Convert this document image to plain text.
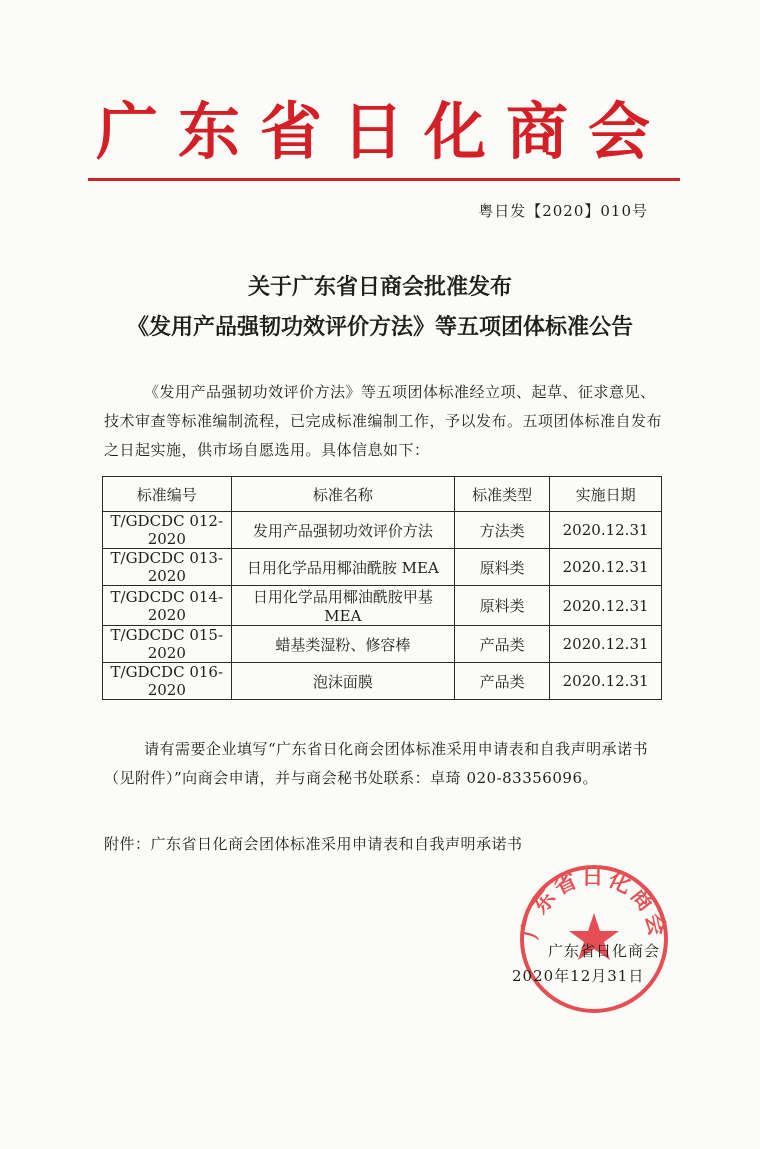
广东省日化商会
粤日发【2020】010号
关于广东省日商会批准发布
《发用产品强韧功效评价方法》等五项团体标准公告
《发用产品强韧功效评价方法》等五项团体标准经立项、起草、征求意见、技术审查等标准编制流程，已完成标准编制工作，予以发布。五项团体标准自发布之日起实施，供市场自愿选用。具体信息如下：
标准编号	标准名称	标准类型	实施日期
T/GDCDC 012-2020	发用产品强韧功效评价方法	方法类	2020.12.31
T/GDCDC 013-2020	日用化学品用椰油酰胺 MEA	原料类	2020.12.31
T/GDCDC 014-2020	日用化学品用椰油酰胺甲基 MEA	原料类	2020.12.31
T/GDCDC 015-2020	蜡基类湿粉、修容棒	产品类	2020.12.31
T/GDCDC 016-2020	泡沫面膜	产品类	2020.12.31
请有需要企业填写“广东省日化商会团体标准采用申请表和自我声明承诺书（见附件）”向商会申请，并与商会秘书处联系：卓琦 020-83356096。
附件：广东省日化商会团体标准采用申请表和自我声明承诺书
广东省日化商会
广东省日化商会
2020年12月31日
